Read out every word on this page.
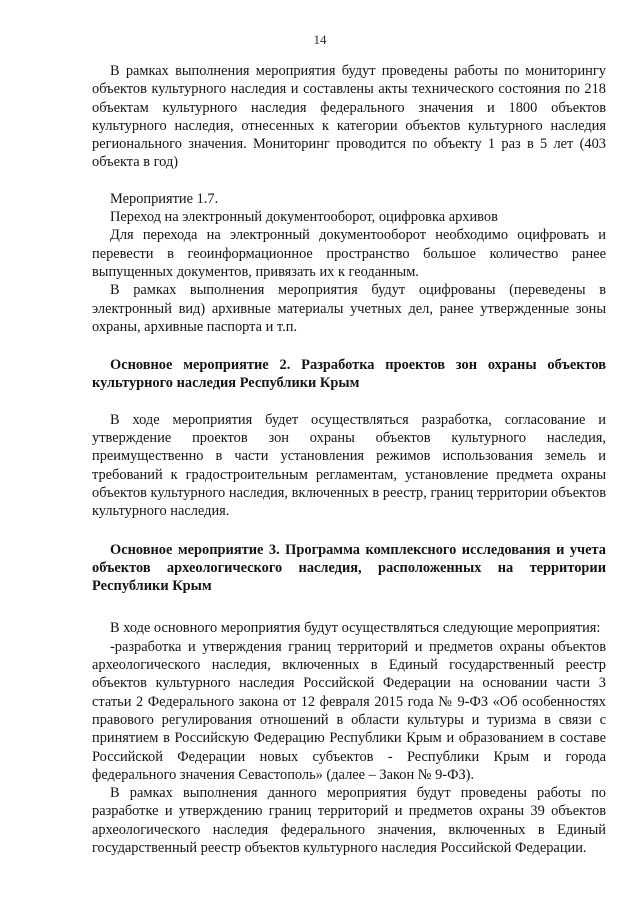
14

В рамках выполнения мероприятия будут проведены работы по мониторингу объектов культурного наследия и составлены акты технического состояния по 218 объектам культурного наследия федерального значения и 1800 объектов культурного наследия, отнесенных к категории объектов культурного наследия регионального значения. Мониторинг проводится по объекту 1 раз в 5 лет (403 объекта в год)

Мероприятие 1.7.

Переход на электронный документооборот, оцифровка архивов

Для перехода на электронный документооборот необходимо оцифровать и перевести в геоинформационное пространство большое количество ранее выпущенных документов, привязать их к геоданным.

В рамках выполнения мероприятия будут оцифрованы (переведены в электронный вид) архивные материалы учетных дел, ранее утвержденные зоны охраны, архивные паспорта и т.п.

Основное мероприятие 2. Разработка проектов зон охраны объектов культурного наследия Республики Крым

В ходе мероприятия будет осуществляться разработка, согласование и утверждение проектов зон охраны объектов культурного наследия, преимущественно в части установления режимов использования земель и требований к градостроительным регламентам, установление предмета охраны объектов культурного наследия, включенных в реестр, границ территории объектов культурного наследия.

Основное мероприятие 3. Программа комплексного исследования и учета объектов археологического наследия, расположенных на территории Республики Крым

В ходе основного мероприятия будут осуществляться следующие мероприятия:

-разработка и утверждения границ территорий и предметов охраны объектов археологического наследия, включенных в Единый государственный реестр объектов культурного наследия Российской Федерации на основании части 3 статьи 2 Федерального закона от 12 февраля 2015 года № 9-ФЗ «Об особенностях правового регулирования отношений в области культуры и туризма в связи с принятием в Российскую Федерацию Республики Крым и образованием в составе Российской Федерации новых субъектов - Республики Крым и города федерального значения Севастополь» (далее – Закон № 9-ФЗ).

В рамках выполнения данного мероприятия будут проведены работы по разработке и утверждению границ территорий и предметов охраны 39 объектов археологического наследия федерального значения, включенных в Единый государственный реестр объектов культурного наследия Российской Федерации.
